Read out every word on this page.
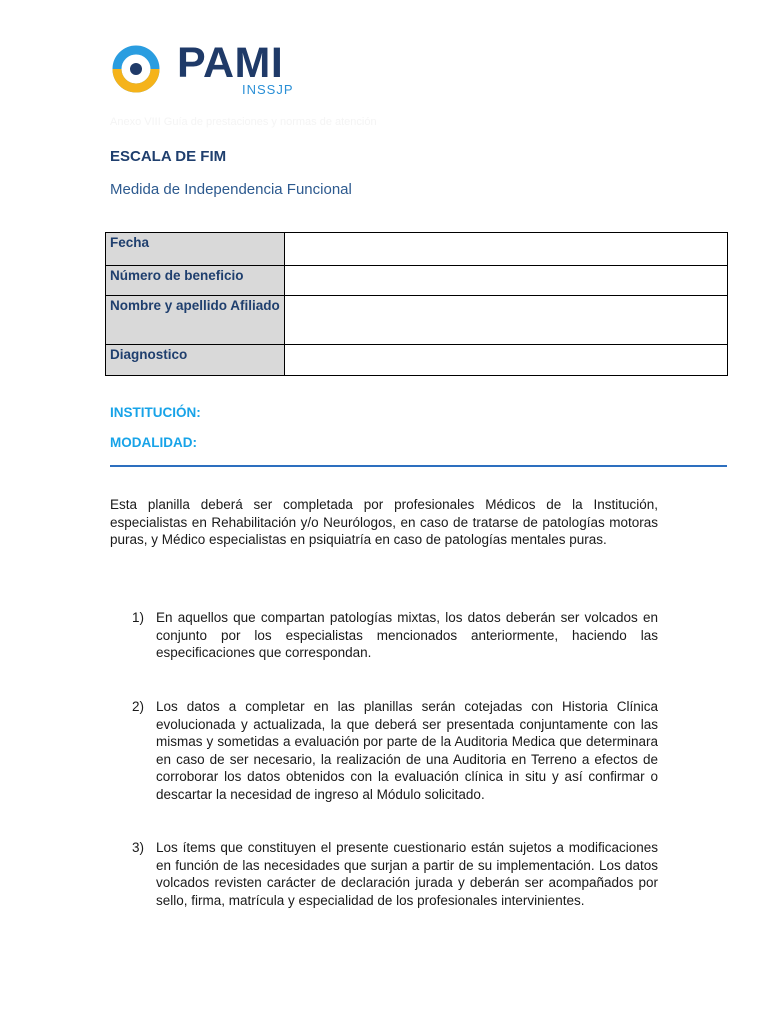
PAMI
INSSJP
Anexo VIII Guía de prestaciones y normas de atención
ESCALA DE FIM
Medida de Independencia Funcional
Fecha	
Número de beneficio	
Nombre y apellido Afiliado	
Diagnostico	
INSTITUCIÓN:
MODALIDAD:

Esta planilla deberá ser completada por profesionales Médicos de la Institución, especialistas en Rehabilitación y/o Neurólogos, en caso de tratarse de patologías motoras puras, y Médico especialistas en psiquiatría en caso de patologías mentales puras.

1) En aquellos que compartan patologías mixtas, los datos deberán ser volcados en conjunto por los especialistas mencionados anteriormente, haciendo las especificaciones que correspondan.
2) Los datos a completar en las planillas serán cotejadas con Historia Clínica evolucionada y actualizada, la que deberá ser presentada conjuntamente con las mismas y sometidas a evaluación por parte de la Auditoria Medica que determinara en caso de ser necesario, la realización de una Auditoria en Terreno a efectos de corroborar los datos obtenidos con la evaluación clínica in situ y así confirmar o descartar la necesidad de ingreso al Módulo solicitado.
3) Los ítems que constituyen el presente cuestionario están sujetos a modificaciones en función de las necesidades que surjan a partir de su implementación. Los datos volcados revisten carácter de declaración jurada y deberán ser acompañados por sello, firma, matrícula y especialidad de los profesionales intervinientes.
